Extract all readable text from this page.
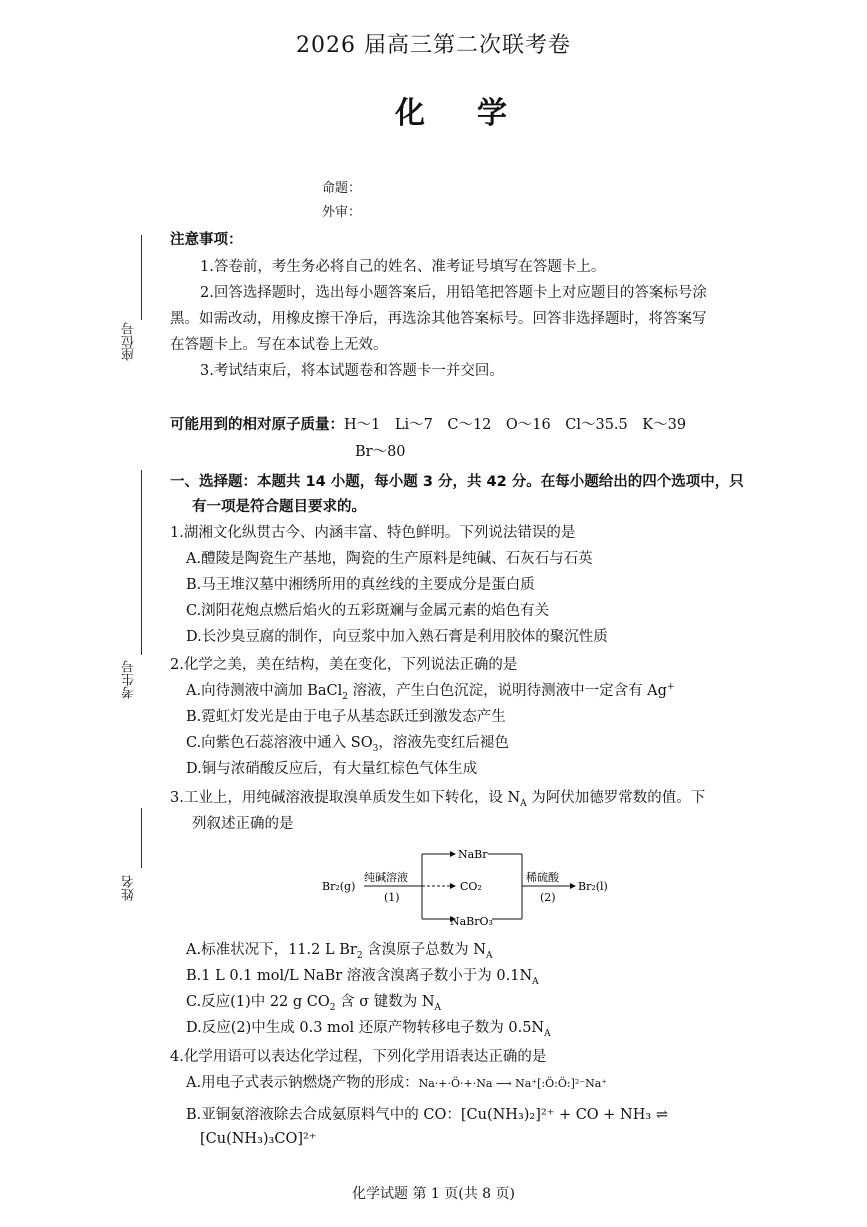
2026 届高三第二次联考卷
化学
命题：
外审：
座位号
考生号
姓名
注意事项：
1.答卷前，考生务必将自己的姓名、准考证号填写在答题卡上。
2.回答选择题时，选出每小题答案后，用铅笔把答题卡上对应题目的答案标号涂
黑。如需改动，用橡皮擦干净后，再选涂其他答案标号。回答非选择题时，将答案写
在答题卡上。写在本试卷上无效。
3.考试结束后，将本试题卷和答题卡一并交回。
可能用到的相对原子质量：H～1　Li～7　C～12　O～16　Cl～35.5　K～39
Br～80
一、选择题：本题共 14 小题，每小题 3 分，共 42 分。在每小题给出的四个选项中，只
有一项是符合题目要求的。
1.湖湘文化纵贯古今、内涵丰富、特色鲜明。下列说法错误的是
A.醴陵是陶瓷生产基地，陶瓷的生产原料是纯碱、石灰石与石英
B.马王堆汉墓中湘绣所用的真丝线的主要成分是蛋白质
C.浏阳花炮点燃后焰火的五彩斑斓与金属元素的焰色有关
D.长沙臭豆腐的制作，向豆浆中加入熟石膏是利用胶体的聚沉性质
2.化学之美，美在结构，美在变化，下列说法正确的是
A.向待测液中滴加 BaCl$_2$ 溶液，产生白色沉淀，说明待测液中一定含有 Ag+
B.霓虹灯发光是由于电子从基态跃迁到激发态产生
C.向紫色石蕊溶液中通入 $SO_3$，溶液先变红后褪色
D.铜与浓硝酸反应后，有大量红棕色气体生成
3.工业上，用纯碱溶液提取溴单质发生如下转化，设 $N_A$ 为阿伏加德罗常数的值。下
列叙述正确的是
Br₂(g)
纯碱溶液
(1)
NaBr
CO₂
NaBrO₃
稀硫酸
(2)
Br₂(l)
A.标准状况下，11.2 L $Br_2$ 含溴原子总数为 $N_A$
B.1 L 0.1 mol/L NaBr 溶液含溴离子数小于为 $0.1N_A$
C.反应(1)中 22 g $CO_2$ 含 σ 键数为 $N_A$
D.反应(2)中生成 0.3 mol 还原产物转移电子数为 $0.5N_A$
4.化学用语可以表达化学过程，下列化学用语表达正确的是
A.用电子式表示钠燃烧产物的形成：Na·+·Ö·+·Na ⟶ Na⁺[:Ö:Ö:]²⁻Na⁺
B.亚铜氨溶液除去合成氨原料气中的 CO：[Cu(NH₃)₂]²⁺ + CO + NH₃ ⇌
[Cu(NH₃)₃CO]²⁺
化学试题 第 1 页(共 8 页)
